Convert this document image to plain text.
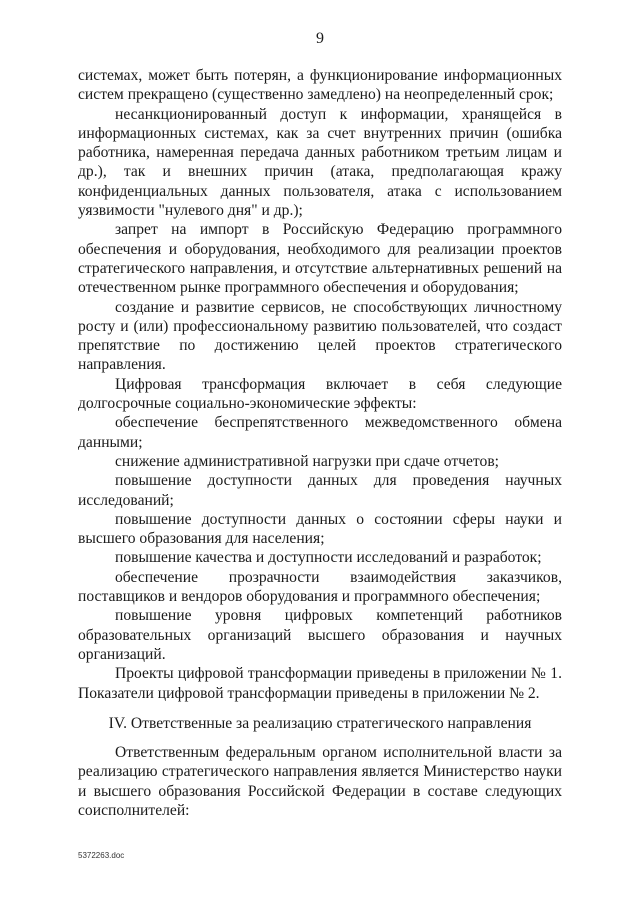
9

системах, может быть потерян, а функционирование информационных систем прекращено (существенно замедлено) на неопределенный срок;

несанкционированный доступ к информации, хранящейся в информационных системах, как за счет внутренних причин (ошибка работника, намеренная передача данных работником третьим лицам и др.), так и внешних причин (атака, предполагающая кражу конфиденциальных данных пользователя, атака с использованием уязвимости "нулевого дня" и др.);

запрет на импорт в Российскую Федерацию программного обеспечения и оборудования, необходимого для реализации проектов стратегического направления, и отсутствие альтернативных решений на отечественном рынке программного обеспечения и оборудования;

создание и развитие сервисов, не способствующих личностному росту и (или) профессиональному развитию пользователей, что создаст препятствие по достижению целей проектов стратегического направления.

Цифровая трансформация включает в себя следующие долгосрочные социально-экономические эффекты:

обеспечение беспрепятственного межведомственного обмена данными;

снижение административной нагрузки при сдаче отчетов;

повышение доступности данных для проведения научных исследований;

повышение доступности данных о состоянии сферы науки и высшего образования для населения;

повышение качества и доступности исследований и разработок;

обеспечение прозрачности взаимодействия заказчиков, поставщиков и вендоров оборудования и программного обеспечения;

повышение уровня цифровых компетенций работников образовательных организаций высшего образования и научных организаций.

Проекты цифровой трансформации приведены в приложении № 1. Показатели цифровой трансформации приведены в приложении № 2.

IV. Ответственные за реализацию стратегического направления

Ответственным федеральным органом исполнительной власти за реализацию стратегического направления является Министерство науки и высшего образования Российской Федерации в составе следующих соисполнителей:

5372263.doc
